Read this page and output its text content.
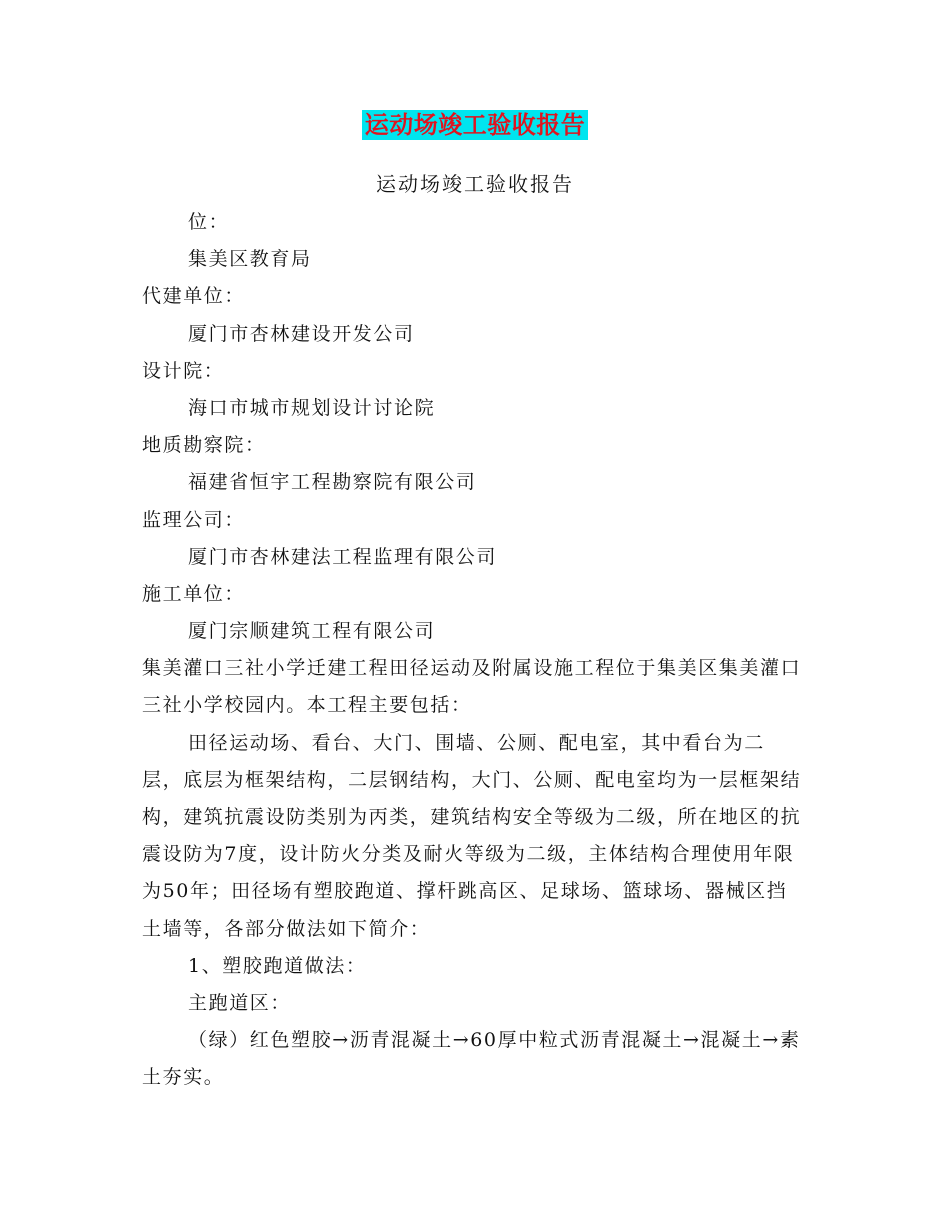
运动场竣工验收报告
运动场竣工验收报告
位：
集美区教育局
代建单位：
厦门市杏林建设开发公司
设计院：
海口市城市规划设计讨论院
地质勘察院：
福建省恒宇工程勘察院有限公司
监理公司：
厦门市杏林建法工程监理有限公司
施工单位：
厦门宗顺建筑工程有限公司
集美灌口三社小学迁建工程田径运动及附属设施工程位于集美区集美灌口三社小学校园内。本工程主要包括：
田径运动场、看台、大门、围墙、公厕、配电室，其中看台为二层，底层为框架结构，二层钢结构，大门、公厕、配电室均为一层框架结构，建筑抗震设防类别为丙类，建筑结构安全等级为二级，所在地区的抗震设防为7度，设计防火分类及耐火等级为二级，主体结构合理使用年限为50年；田径场有塑胶跑道、撑杆跳高区、足球场、篮球场、器械区挡土墙等，各部分做法如下简介：
1、塑胶跑道做法：
主跑道区：
（绿）红色塑胶→沥青混凝土→60厚中粒式沥青混凝土→混凝土→素土夯实。
